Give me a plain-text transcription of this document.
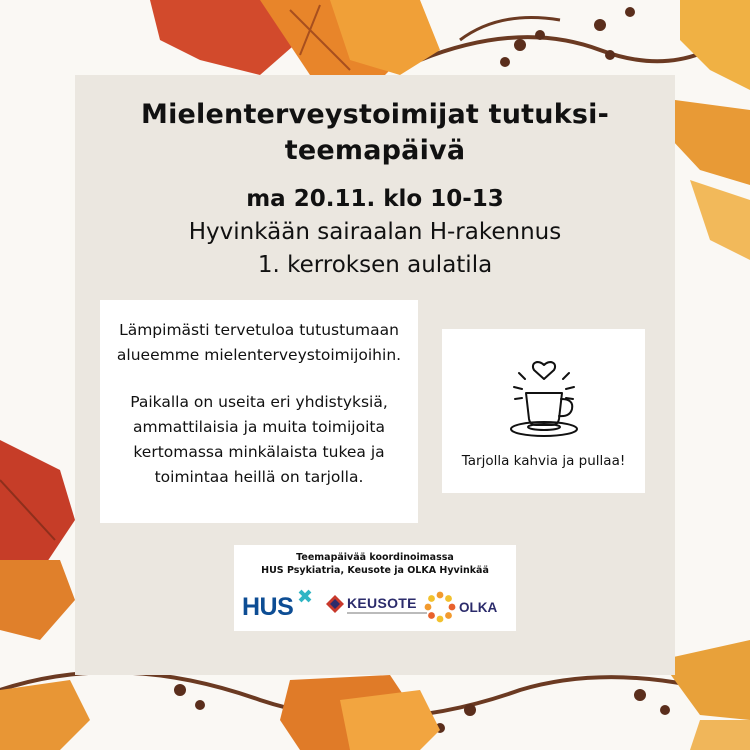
Mielenterveystoimijat tutuksi- teemapäivä
ma 20.11. klo 10-13
Hyvinkään sairaalan H-rakennus
1. kerroksen aulatila

Lämpimästi tervetuloa tutustumaan alueemme mielenterveystoimijoihin.

Paikalla on useita eri yhdistyksiä, ammattilaisia ja muita toimijoita kertomassa minkälaista tukea ja toimintaa heillä on tarjolla.

Tarjolla kahvia ja pullaa!
Teemapäivää koordinoimassa
HUS Psykiatria, Keusote ja OLKA Hyvinkää
HUS	KEUSOTE	OLKA
